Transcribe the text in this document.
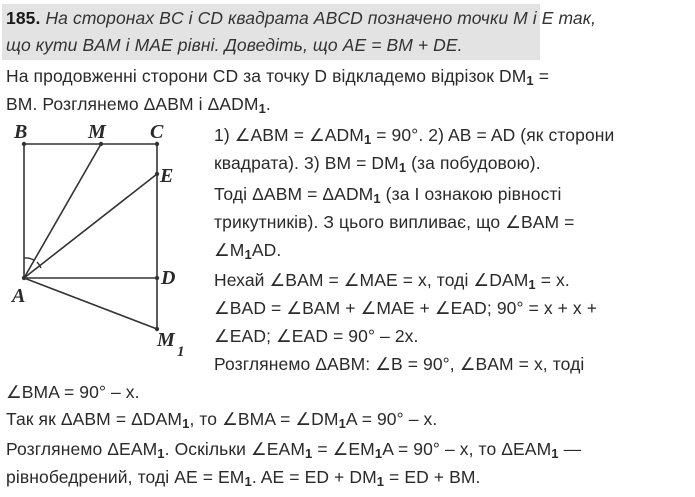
185. На сторонах BC і CD квадрата ABCD позначено точки M і E так,
що кути BAM і MAE рівні. Доведіть, що AE = BM + DE.
На продовженні сторони CD за точку D відкладемо відрізок DM1 =
BM. Розглянемо ΔABM і ΔADM1.
B	M C
E
D
A
M
1
1) ∠ABM = ∠ADM1 = 90°. 2) AB = AD (як сторони
квадрата). 3) BM = DM1 (за побудовою).
Тоді ΔABM = ΔADM1 (за I ознакою рівності
трикутників). З цього випливає, що ∠BAM =
∠M1AD.
Нехай ∠BAM = ∠MAE = x, тоді ∠DAM1 = x.
∠BAD = ∠BAM + ∠MAE + ∠EAD; 90° = x + x +
∠EAD; ∠EAD = 90° – 2x.
Розглянемо ΔABM: ∠B = 90°, ∠BAM = x, тоді
∠BMA = 90° – x.
Так як ΔABM = ΔDAM1, то ∠BMA = ∠DM1A = 90° – x.
Розглянемо ΔEAM1. Оскільки ∠EAM1 = ∠EM1A = 90° – x, то ΔEAM1 —
рівнобедрений, тоді AE = EM1. AE = ED + DM1 = ED + BM.
